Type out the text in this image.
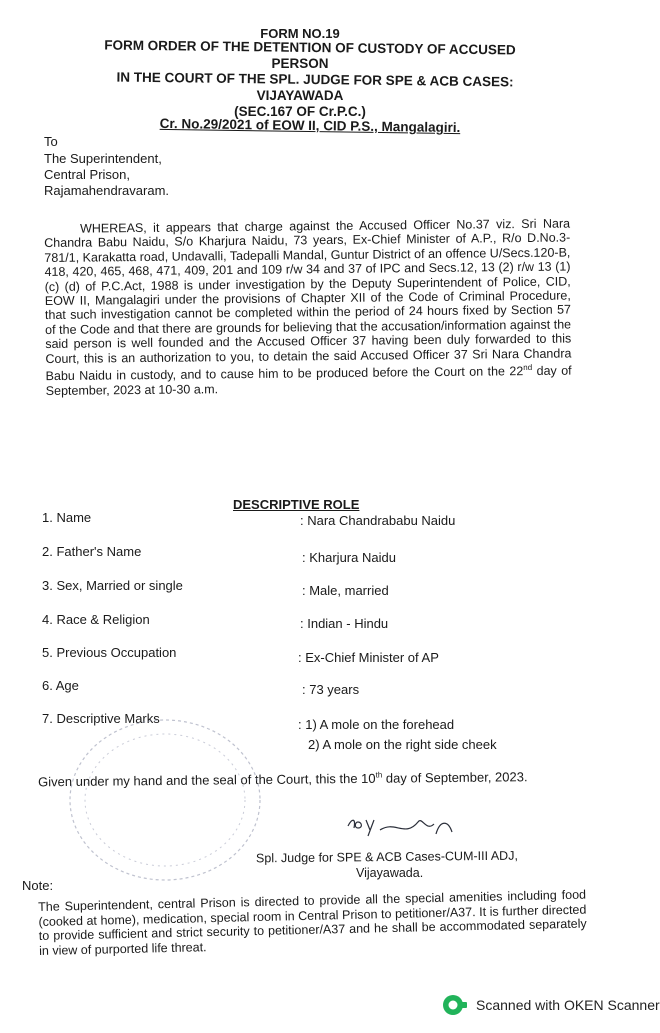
FORM NO.19
FORM ORDER OF THE DETENTION OF CUSTODY OF ACCUSED
PERSON
IN THE COURT OF THE SPL. JUDGE FOR SPE & ACB CASES:
VIJAYAWADA
(SEC.167 OF Cr.P.C.)
Cr. No.29/2021 of EOW II, CID P.S., Mangalagiri.
To
The Superintendent,
Central Prison,
Rajamahendravaram.
WHEREAS, it appears that charge against the Accused Officer No.37 viz. Sri Nara Chandra Babu Naidu, S/o Kharjura Naidu, 73 years, Ex-Chief Minister of A.P., R/o D.No.3-781/1, Karakatta road, Undavalli, Tadepalli Mandal, Guntur District of an offence U/Secs.120-B, 418, 420, 465, 468, 471, 409, 201 and 109 r/w 34 and 37 of IPC and Secs.12, 13 (2) r/w 13 (1) (c) (d) of P.C.Act, 1988 is under investigation by the Deputy Superintendent of Police, CID, EOW II, Mangalagiri under the provisions of Chapter XII of the Code of Criminal Procedure, that such investigation cannot be completed within the period of 24 hours fixed by Section 57 of the Code and that there are grounds for believing that the accusation/information against the said person is well founded and the Accused Officer 37 having been duly forwarded to this Court, this is an authorization to you, to detain the said Accused Officer 37 Sri Nara Chandra Babu Naidu in custody, and to cause him to be produced before the Court on the 22nd day of September, 2023 at 10-30 a.m.
DESCRIPTIVE ROLE
1. Name	: Nara Chandrababu Naidu
2. Father's Name	: Kharjura Naidu
3. Sex, Married or single	: Male, married
4. Race & Religion	: Indian - Hindu
5. Previous Occupation	: Ex-Chief Minister of AP
6. Age	: 73 years
7. Descriptive Marks	: 1) A mole on the forehead
2) A mole on the right side cheek
Given under my hand and the seal of the Court, this the 10th day of September, 2023.
Spl. Judge for SPE & ACB Cases-CUM-III ADJ,
Vijayawada.
Note:
The Superintendent, central Prison is directed to provide all the special amenities including food (cooked at home), medication, special room in Central Prison to petitioner/A37. It is further directed to provide sufficient and strict security to petitioner/A37 and he shall be accommodated separately in view of purported life threat.
Scanned with OKEN Scanner
